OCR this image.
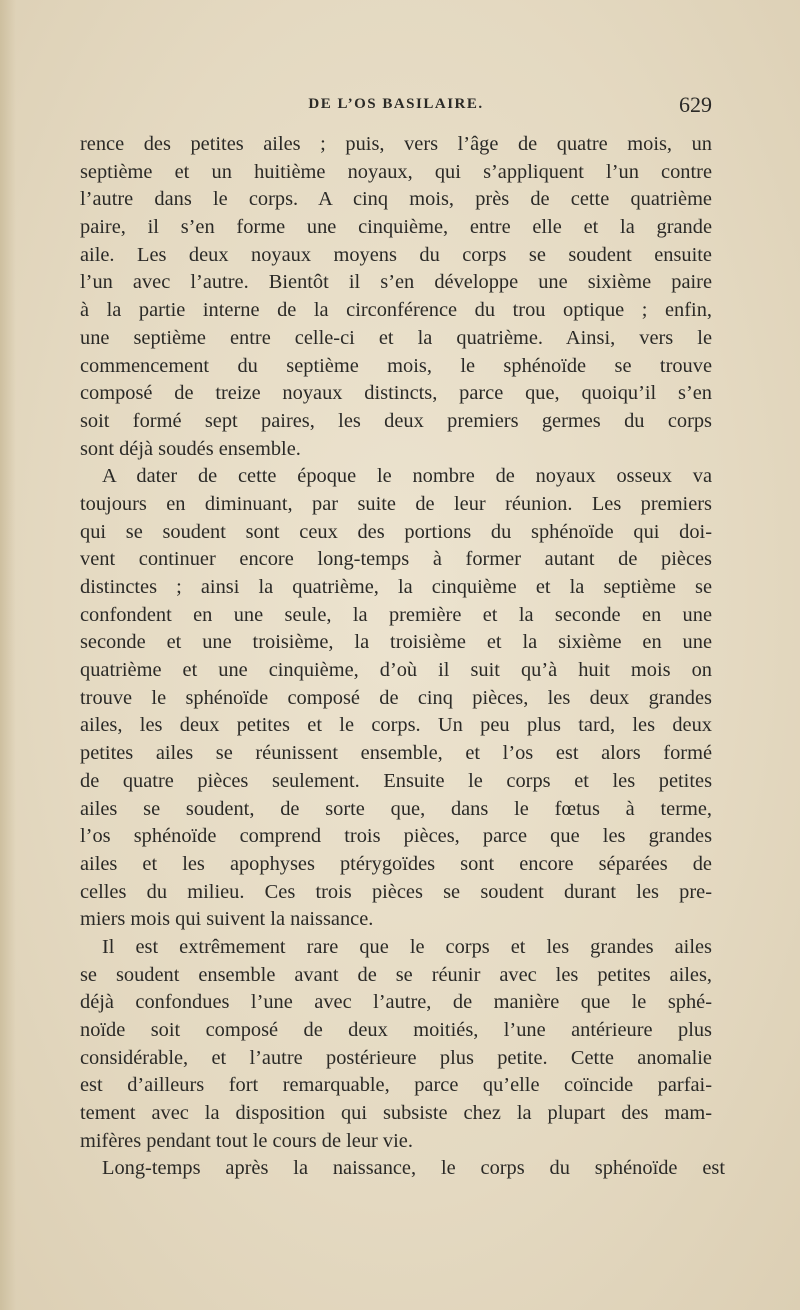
DE L’OS BASILAIRE.	629
rence des petites ailes ; puis, vers l’âge de quatre mois, un
septième et un huitième noyaux, qui s’appliquent l’un contre
l’autre dans le corps. A cinq mois, près de cette quatrième
paire, il s’en forme une cinquième, entre elle et la grande
aile. Les deux noyaux moyens du corps se soudent ensuite
l’un avec l’autre. Bientôt il s’en développe une sixième paire
à la partie interne de la circonférence du trou optique ; enfin,
une septième entre celle-ci et la quatrième. Ainsi, vers le
commencement du septième mois, le sphénoïde se trouve
composé de treize noyaux distincts, parce que, quoiqu’il s’en
soit formé sept paires, les deux premiers germes du corps
sont déjà soudés ensemble.
A dater de cette époque le nombre de noyaux osseux va
toujours en diminuant, par suite de leur réunion. Les premiers
qui se soudent sont ceux des portions du sphénoïde qui doi-
vent continuer encore long-temps à former autant de pièces
distinctes ; ainsi la quatrième, la cinquième et la septième se
confondent en une seule, la première et la seconde en une
seconde et une troisième, la troisième et la sixième en une
quatrième et une cinquième, d’où il suit qu’à huit mois on
trouve le sphénoïde composé de cinq pièces, les deux grandes
ailes, les deux petites et le corps. Un peu plus tard, les deux
petites ailes se réunissent ensemble, et l’os est alors formé
de quatre pièces seulement. Ensuite le corps et les petites
ailes se soudent, de sorte que, dans le fœtus à terme,
l’os sphénoïde comprend trois pièces, parce que les grandes
ailes et les apophyses ptérygoïdes sont encore séparées de
celles du milieu. Ces trois pièces se soudent durant les pre-
miers mois qui suivent la naissance.
Il est extrêmement rare que le corps et les grandes ailes
se soudent ensemble avant de se réunir avec les petites ailes,
déjà confondues l’une avec l’autre, de manière que le sphé-
noïde soit composé de deux moitiés, l’une antérieure plus
considérable, et l’autre postérieure plus petite. Cette anomalie
est d’ailleurs fort remarquable, parce qu’elle coïncide parfai-
tement avec la disposition qui subsiste chez la plupart des mam-
mifères pendant tout le cours de leur vie.
Long-temps après la naissance, le corps du sphénoïde est
